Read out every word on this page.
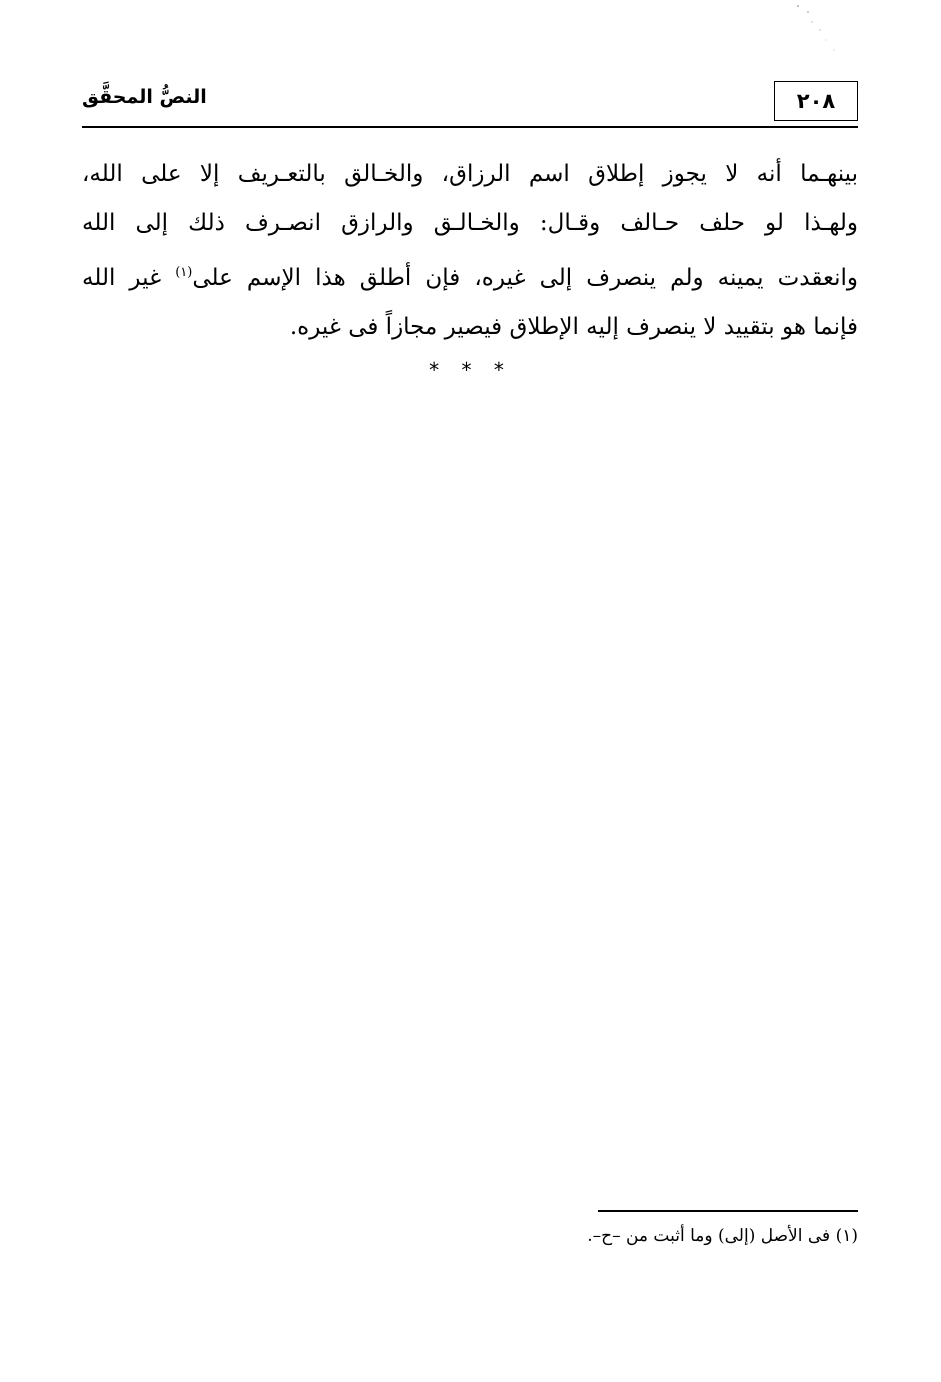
٢٠٨
النصُّ المحقَّق
بينهـما أنه لا يجوز إطلاق اسم الرزاق، والخـالق بالتعـريف إلا على الله،
ولهـذا لو حلف حـالف وقـال: والخـالـق والرازق انصـرف ذلك إلى الله
وانعقدت يمينه ولم ينصرف إلى غيره، فإن أطلق هذا الإسم على$^{(١)}$ غير الله
فإنما هو بتقييد لا ينصرف إليه الإطلاق فيصير مجازاً فى غيره.
* * *
(١) فى الأصل (إلى) وما أثبت من –ح–.
